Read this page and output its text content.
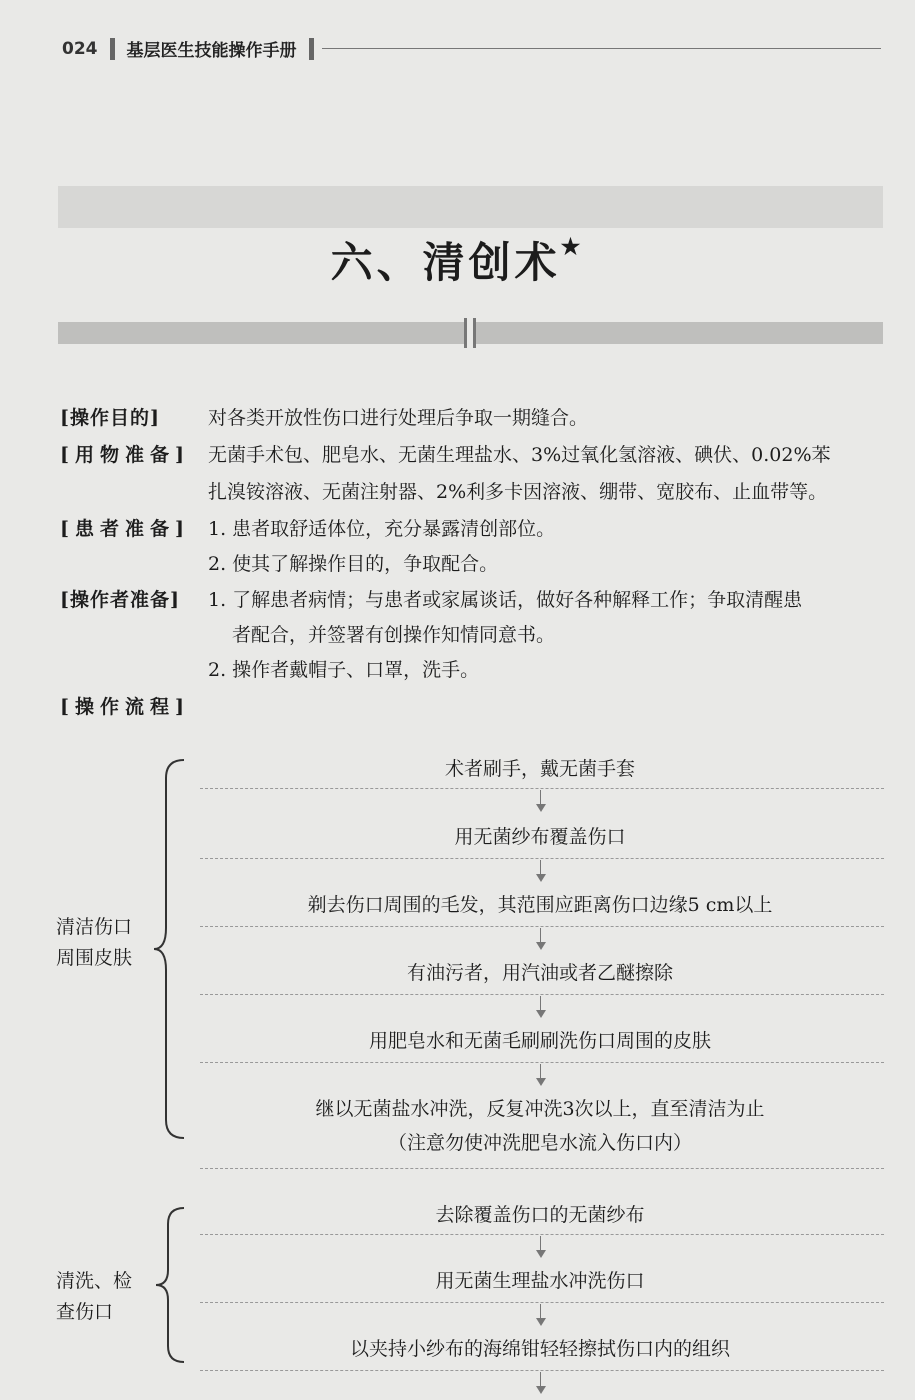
024 基层医生技能操作手册
六、清创术★
[操作目的]	对各类开放性伤口进行处理后争取一期缝合。
[用物准备] 无菌手术包、肥皂水、无菌生理盐水、3%过氧化氢溶液、碘伏、0.02%苯
扎溴铵溶液、无菌注射器、2%利多卡因溶液、绷带、宽胶布、止血带等。
[患者准备] 1. 患者取舒适体位，充分暴露清创部位。
2. 使其了解操作目的，争取配合。
[操作者准备] 1. 了解患者病情；与患者或家属谈话，做好各种解释工作；争取清醒患
者配合，并签署有创操作知情同意书。
2. 操作者戴帽子、口罩，洗手。
[操作流程]
术者刷手，戴无菌手套
用无菌纱布覆盖伤口
剃去伤口周围的毛发，其范围应距离伤口边缘5 cm以上
有油污者，用汽油或者乙醚擦除
用肥皂水和无菌毛刷刷洗伤口周围的皮肤
继以无菌盐水冲洗，反复冲洗3次以上，直至清洁为止
（注意勿使冲洗肥皂水流入伤口内）
去除覆盖伤口的无菌纱布
用无菌生理盐水冲洗伤口
以夹持小纱布的海绵钳轻轻擦拭伤口内的组织
清洁伤口
周围皮肤
清洗、检
查伤口
